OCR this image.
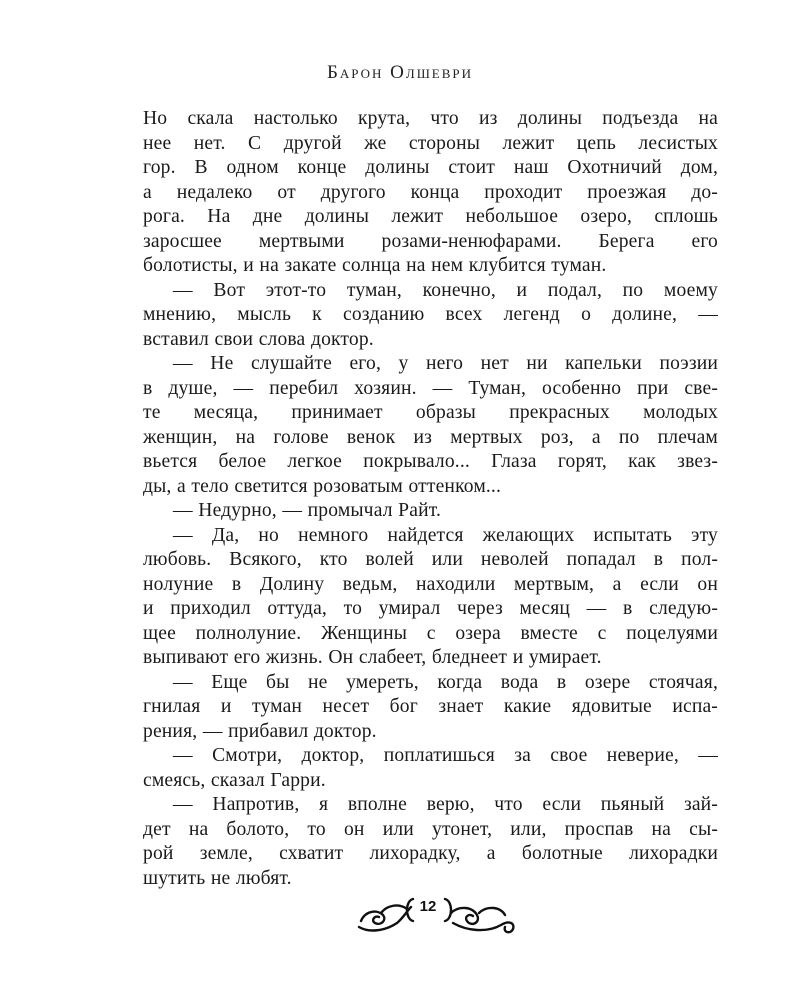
Барон Олшеври
Но скала настолько крута, что из долины подъезда на
нее нет. С другой же стороны лежит цепь лесистых
гор. В одном конце долины стоит наш Охотничий дом,
а недалеко от другого конца проходит проезжая до-
рога. На дне долины лежит небольшое озеро, сплошь
заросшее мертвыми розами-ненюфарами. Берега его
болотисты, и на закате солнца на нем клубится туман.
— Вот этот-то туман, конечно, и подал, по моему
мнению, мысль к созданию всех легенд о долине, —
вставил свои слова доктор.
— Не слушайте его, у него нет ни капельки поэзии
в душе, — перебил хозяин. — Туман, особенно при све-
те месяца, принимает образы прекрасных молодых
женщин, на голове венок из мертвых роз, а по плечам
вьется белое легкое покрывало... Глаза горят, как звез-
ды, а тело светится розоватым оттенком...
— Недурно, — промычал Райт.
— Да, но немного найдется желающих испытать эту
любовь. Всякого, кто волей или неволей попадал в пол-
нолуние в Долину ведьм, находили мертвым, а если он
и приходил оттуда, то умирал через месяц — в следую-
щее полнолуние. Женщины с озера вместе с поцелуями
выпивают его жизнь. Он слабеет, бледнеет и умирает.
— Еще бы не умереть, когда вода в озере стоячая,
гнилая и туман несет бог знает какие ядовитые испа-
рения, — прибавил доктор.
— Смотри, доктор, поплатишься за свое неверие, —
смеясь, сказал Гарри.
— Напротив, я вполне верю, что если пьяный зай-
дет на болото, то он или утонет, или, проспав на сы-
рой земле, схватит лихорадку, а болотные лихорадки
шутить не любят.
12
